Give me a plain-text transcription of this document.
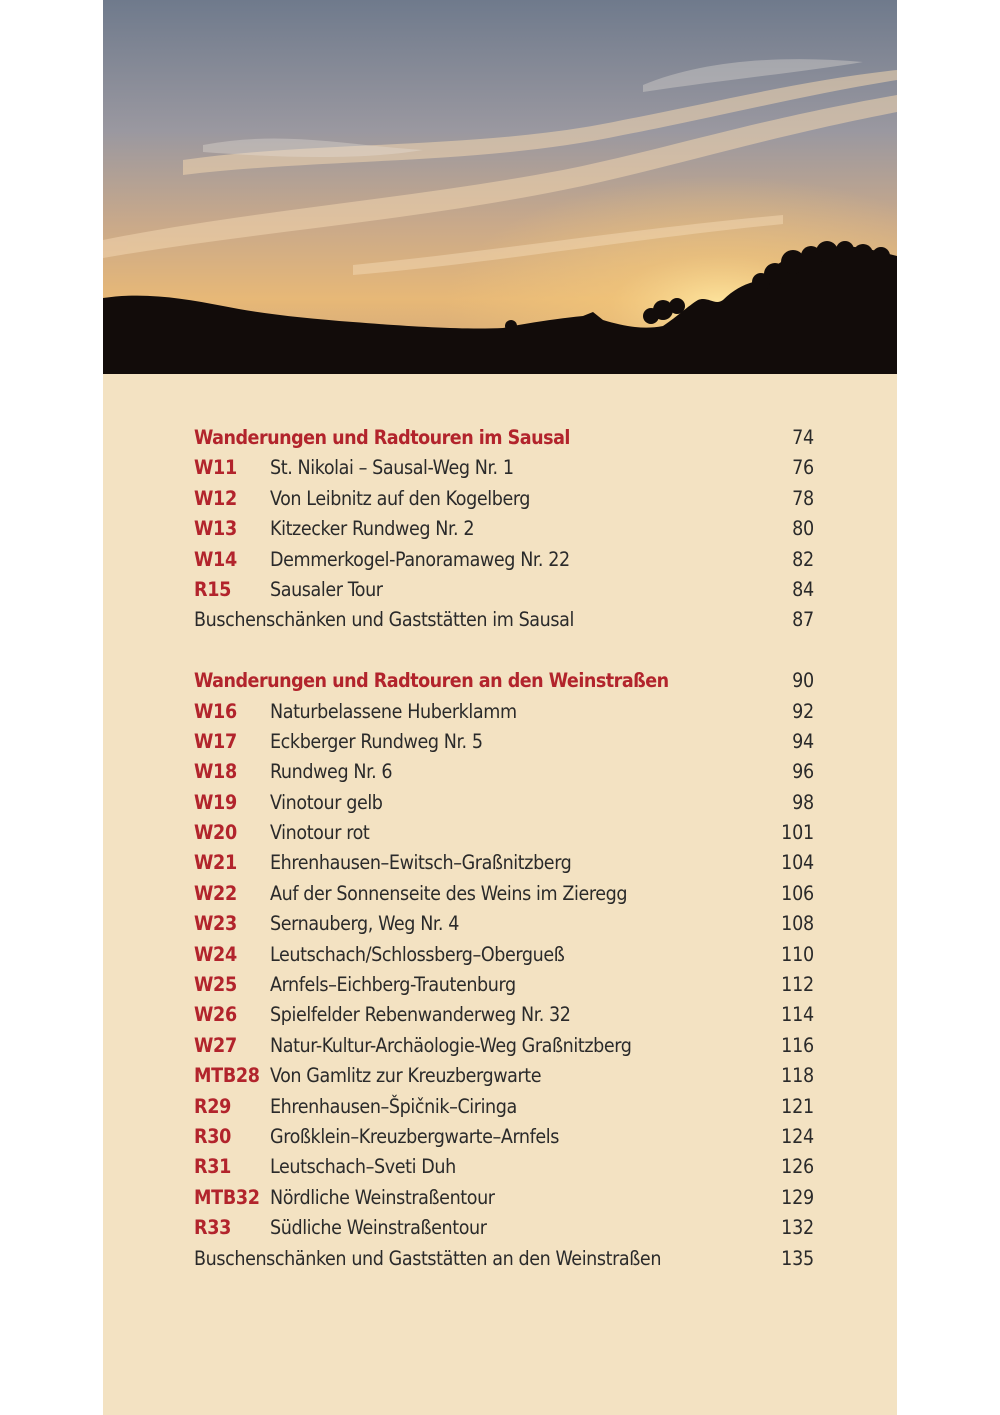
Wanderungen und Radtouren im Sausal	74
W11 St. Nikolai – Sausal-Weg Nr. 1	76
W12 Von Leibnitz auf den Kogelberg	78
W13 Kitzecker Rundweg Nr. 2	80
W14 Demmerkogel-Panoramaweg Nr. 22	82
R15 Sausaler Tour	84
Buschenschänken und Gaststätten im Sausal	87
Wanderungen und Radtouren an den Weinstraßen	90
W16 Naturbelassene Huberklamm	92
W17 Eckberger Rundweg Nr. 5	94
W18 Rundweg Nr. 6	96
W19 Vinotour gelb	98
W20 Vinotour rot	101
W21 Ehrenhausen–Ewitsch–Graßnitzberg	104
W22 Auf der Sonnenseite des Weins im Zieregg	106
W23 Sernauberg, Weg Nr. 4	108
W24 Leutschach/Schlossberg–Obergueß	110
W25 Arnfels–Eichberg-Trautenburg	112
W26 Spielfelder Rebenwanderweg Nr. 32	114
W27 Natur-Kultur-Archäologie-Weg Graßnitzberg	116
MTB28 Von Gamlitz zur Kreuzbergwarte	118
R29 Ehrenhausen–Špičnik–Ciringa	121
R30 Großklein–Kreuzbergwarte–Arnfels	124
R31 Leutschach–Sveti Duh	126
MTB32 Nördliche Weinstraßentour	129
R33 Südliche Weinstraßentour	132
Buschenschänken und Gaststätten an den Weinstraßen	135
